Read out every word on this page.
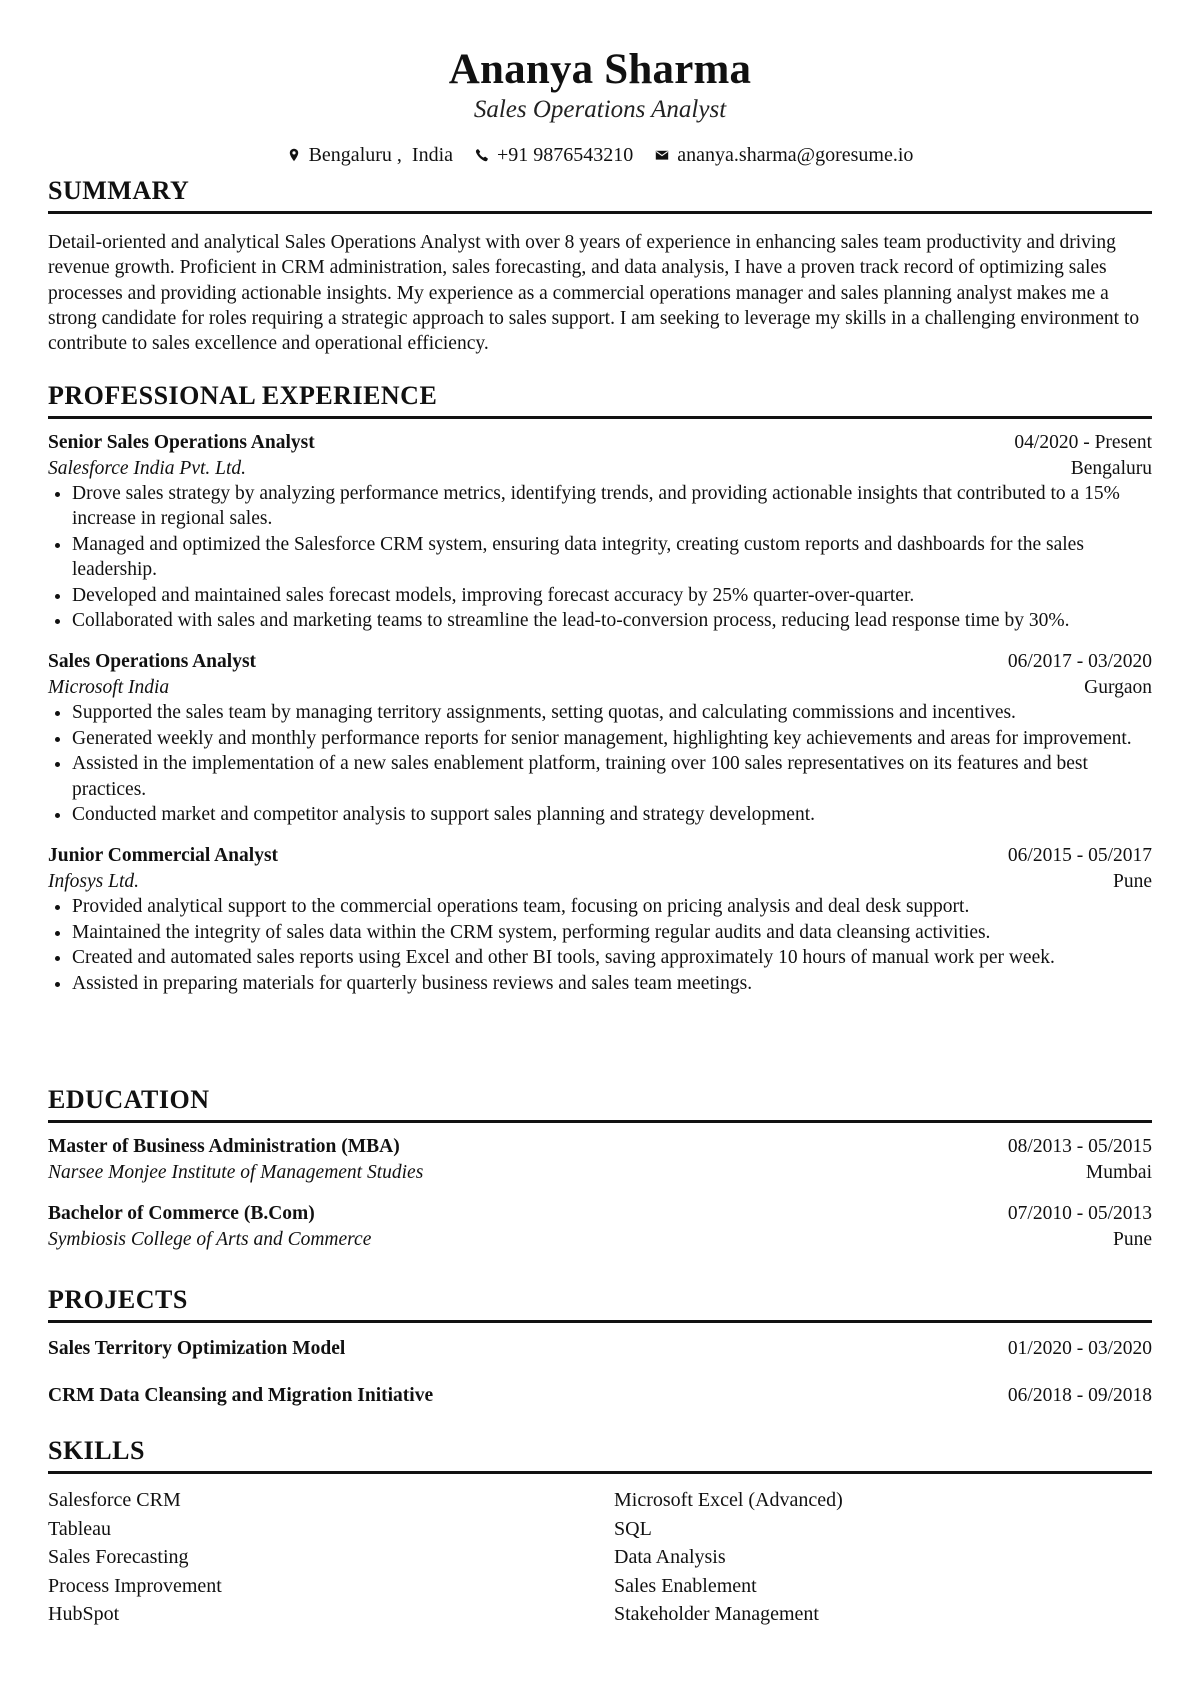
Ananya Sharma
Sales Operations Analyst
Bengaluru ,  India +91 9876543210 ananya.sharma@goresume.io
SUMMARY
Detail-oriented and analytical Sales Operations Analyst with over 8 years of experience in enhancing sales team productivity and driving revenue growth. Proficient in CRM administration, sales forecasting, and data analysis, I have a proven track record of optimizing sales processes and providing actionable insights. My experience as a commercial operations manager and sales planning analyst makes me a strong candidate for roles requiring a strategic approach to sales support. I am seeking to leverage my skills in a challenging environment to contribute to sales excellence and operational efficiency.
PROFESSIONAL EXPERIENCE
Senior Sales Operations Analyst	04/2020 - Present
Salesforce India Pvt. Ltd.	Bengaluru
• Drove sales strategy by analyzing performance metrics, identifying trends, and providing actionable insights that contributed to a 15% increase in regional sales.
• Managed and optimized the Salesforce CRM system, ensuring data integrity, creating custom reports and dashboards for the sales leadership.
• Developed and maintained sales forecast models, improving forecast accuracy by 25% quarter-over-quarter.
• Collaborated with sales and marketing teams to streamline the lead-to-conversion process, reducing lead response time by 30%.
Sales Operations Analyst	06/2017 - 03/2020
Microsoft India	Gurgaon
• Supported the sales team by managing territory assignments, setting quotas, and calculating commissions and incentives.
• Generated weekly and monthly performance reports for senior management, highlighting key achievements and areas for improvement.
• Assisted in the implementation of a new sales enablement platform, training over 100 sales representatives on its features and best practices.
• Conducted market and competitor analysis to support sales planning and strategy development.
Junior Commercial Analyst	06/2015 - 05/2017
Infosys Ltd.	Pune
• Provided analytical support to the commercial operations team, focusing on pricing analysis and deal desk support.
• Maintained the integrity of sales data within the CRM system, performing regular audits and data cleansing activities.
• Created and automated sales reports using Excel and other BI tools, saving approximately 10 hours of manual work per week.
• Assisted in preparing materials for quarterly business reviews and sales team meetings.
EDUCATION
Master of Business Administration (MBA)	08/2013 - 05/2015
Narsee Monjee Institute of Management Studies	Mumbai
Bachelor of Commerce (B.Com)	07/2010 - 05/2013
Symbiosis College of Arts and Commerce	Pune
PROJECTS
Sales Territory Optimization Model	01/2020 - 03/2020
CRM Data Cleansing and Migration Initiative	06/2018 - 09/2018
SKILLS
Salesforce CRM	Microsoft Excel (Advanced)
Tableau	SQL
Sales Forecasting	Data Analysis
Process Improvement	Sales Enablement
HubSpot	Stakeholder Management
